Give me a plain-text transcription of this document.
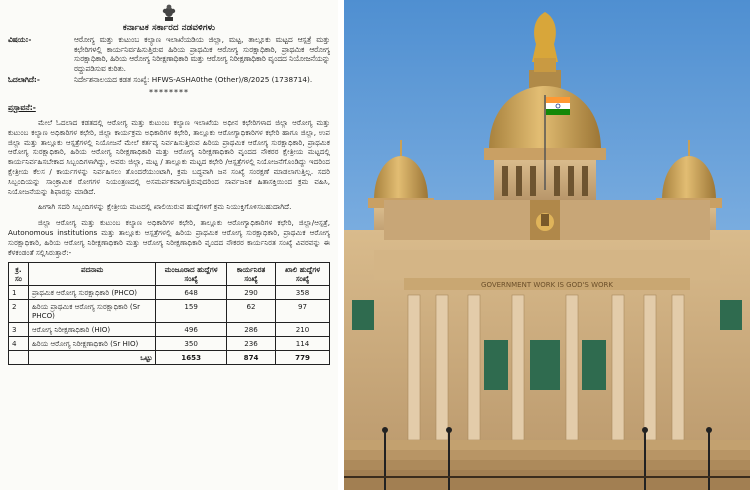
ಕರ್ನಾಟಕ ಸರ್ಕಾರದ ನಡವಳಿಗಳು
ವಿಷಯ:-	ಆರೋಗ್ಯ ಮತ್ತು ಕುಟುಂಬ ಕಲ್ಯಾಣ ಇಲಾಖೆಯಡಿಯ ಜಿಲ್ಲಾ, ಮಟ್ಟ, ತಾಲ್ಲೂಕು ಮಟ್ಟದ ಆಸ್ಪತ್ರೆ ಮತ್ತು ಕಛೇರಿಗಳಲ್ಲಿ ಕಾರ್ಯನಿರ್ವಹಿಸುತ್ತಿರುವ ಹಿರಿಯ ಪ್ರಾಥಮಿಕ ಆರೋಗ್ಯ ಸುರಕ್ಷಾಧಿಕಾರಿ, ಪ್ರಾಥಮಿಕ ಆರೋಗ್ಯ ಸುರಕ್ಷಾಧಿಕಾರಿ, ಹಿರಿಯ ಆರೋಗ್ಯ ನಿರೀಕ್ಷಣಾಧಿಕಾರಿ ಮತ್ತು ಆರೋಗ್ಯ ನಿರೀಕ್ಷಣಾಧಿಕಾರಿ ವೃಂದದ ನಿಯೋಜನೆಯನ್ನು ರದ್ದುಪಡಿಸುವ ಕುರಿತು.
ಓದಲಾಗಿದೆ:-	ನಿರ್ದೇಶನಾಲಯದ ಕಡತ ಸಂಖ್ಯೆ: HFWS-ASHA0the (Other)/8/2025 (1738714).
********
ಪ್ರಸ್ತಾವನೆ:-

ಮೇಲೆ ಓದಲಾದ ಕಡತದಲ್ಲಿ ಆರೋಗ್ಯ ಮತ್ತು ಕುಟುಂಬ ಕಲ್ಯಾಣ ಇಲಾಖೆಯ ಅಧೀನ ಕಛೇರಿಗಳಾದ ಜಿಲ್ಲಾ ಆರೋಗ್ಯ ಮತ್ತು ಕುಟುಂಬ ಕಲ್ಯಾಣ ಅಧಿಕಾರಿಗಳ ಕಛೇರಿ, ಜಿಲ್ಲಾ ಕಾರ್ಯಕ್ರಮ ಅಧಿಕಾರಿಗಳ ಕಛೇರಿ, ತಾಲ್ಲೂಕು ಆರೋಗ್ಯಾಧಿಕಾರಿಗಳ ಕಛೇರಿ ಹಾಗೂ ಜಿಲ್ಲಾ, ಉಪ ಜಿಲ್ಲಾ ಮತ್ತು ತಾಲ್ಲೂಕು ಆಸ್ಪತ್ರೆಗಳಲ್ಲಿ ನಿಯೋಜನೆ ಮೇಲೆ ಕರ್ತವ್ಯ ನಿರ್ವಹಿಸುತ್ತಿರುವ ಹಿರಿಯ ಪ್ರಾಥಮಿಕ ಆರೋಗ್ಯ ಸುರಕ್ಷಾಧಿಕಾರಿ, ಪ್ರಾಥಮಿಕ ಆರೋಗ್ಯ ಸುರಕ್ಷಾಧಿಕಾರಿ, ಹಿರಿಯ ಆರೋಗ್ಯ ನಿರೀಕ್ಷಣಾಧಿಕಾರಿ ಮತ್ತು ಆರೋಗ್ಯ ನಿರೀಕ್ಷಣಾಧಿಕಾರಿ ವೃಂದದ ನೌಕರರ ಕ್ಷೇತ್ರೀಯ ಮಟ್ಟದಲ್ಲಿ ಕಾರ್ಯನಿರ್ವಹಿಸಬೇಕಾದ ಸಿಬ್ಬಂದಿಗಳಾಗಿದ್ದು, ಅವರು ಜಿಲ್ಲಾ, ಮಟ್ಟ / ತಾಲ್ಲೂಕು ಮಟ್ಟದ ಕಛೇರಿ /ಆಸ್ಪತ್ರೆಗಳಲ್ಲಿ ನಿಯೋಜನೆಗೊಂಡಿದ್ದು ಇದರಿಂದ ಕ್ಷೇತ್ರೀಯ ಕೆಲಸ / ಕಾರ್ಯಗಳನ್ನು ನಿರ್ವಹಿಸಲು ತೊಂದರೆಯುಂಟಾಗಿ, ಕ್ರಮ ಬದ್ಧವಾಗಿ ಜನ ಸಂಖ್ಯೆ ಸಂರಕ್ಷಣೆ ಮಾಡಲಾಗುತ್ತಿಲ್ಲ. ಸದರಿ ಸಿಬ್ಬಂದಿಯನ್ನು ಸಾಂಕ್ರಾಮಿಕ ರೋಗಗಳ ನಿಯಂತ್ರಣದಲ್ಲಿ ಅಸಮರ್ಪಕವಾಗುತ್ತಿರುವುದರಿಂದ ಸಾರ್ವಜನಿಕ ಹಿತಾಸಕ್ತಿಯಿಂದ ಕ್ರಮ ವಹಿಸಿ, ನಿಯೋಜನೆಯನ್ನು ಶಿಫಾರಸ್ಸು ಮಾಡಿದೆ.

ಹೀಗಾಗಿ ಸದರಿ ಸಿಬ್ಬಂದಿಗಳನ್ನು ಕ್ಷೇತ್ರೀಯ ಮಟದಲ್ಲಿ ಖಾಲಿಯಿರುವ ಹುದ್ದೆಗಳಿಗೆ ಕ್ರಮ ನಿಯುಕ್ತಿಗೊಳಿಸಬಹುದಾಗಿದೆ.

ಜಿಲ್ಲಾ ಆರೋಗ್ಯ ಮತ್ತು ಕುಟುಂಬ ಕಲ್ಯಾಣ ಅಧಿಕಾರಿಗಳ ಕಛೇರಿ, ತಾಲ್ಲೂಕು ಆರೋಗ್ಯಾಧಿಕಾರಿಗಳ ಕಛೇರಿ, ಜಿಲ್ಲಾ/ಆಸ್ಪತ್ರೆ, Autonomous institutions ಮತ್ತು ತಾಲ್ಲೂಕು ಆಸ್ಪತ್ರೆಗಳಲ್ಲಿ ಹಿರಿಯ ಪ್ರಾಥಮಿಕ ಆರೋಗ್ಯ ಸುರಕ್ಷಾಧಿಕಾರಿ, ಪ್ರಾಥಮಿಕ ಆರೋಗ್ಯ ಸುರಕ್ಷಾಧಿಕಾರಿ, ಹಿರಿಯ ಆರೋಗ್ಯ ನಿರೀಕ್ಷಣಾಧಿಕಾರಿ ಮತ್ತು ಆರೋಗ್ಯ ನಿರೀಕ್ಷಣಾಧಿಕಾರಿ ವೃಂದದ ನೌಕರರ ಕಾರ್ಯನಿರತ ಸಂಖ್ಯೆ ವಿವರವನ್ನು ಈ ಕೆಳಕಂಡಂತೆ ಸಲ್ಲಿಸಿರುತ್ತಾರೆ:-

ಕ್ರ. ಸಂ	ಪದನಾಮ	ಮಂಜೂರಾದ ಹುದ್ದೆಗಳ ಸಂಖ್ಯೆ	ಕಾರ್ಯನಿರತ ಸಂಖ್ಯೆ	ಖಾಲಿ ಹುದ್ದೆಗಳ ಸಂಖ್ಯೆ
1	ಪ್ರಾಥಮಿಕ ಆರೋಗ್ಯ ಸುರಕ್ಷಾಧಿಕಾರಿ (PHCO)	648	290	358
2	ಹಿರಿಯ ಪ್ರಾಥಮಿಕ ಆರೋಗ್ಯ ಸುರಕ್ಷಾಧಿಕಾರಿ (Sr PHCO)	159	62	97
3	ಆರೋಗ್ಯ ನಿರೀಕ್ಷಣಾಧಿಕಾರಿ (HIO)	496	286	210
4	ಹಿರಿಯ ಆರೋಗ್ಯ ನಿರೀಕ್ಷಣಾಧಿಕಾರಿ (Sr HIO)	350	236	114
	ಒಟ್ಟು	1653	874	779
GOVERNMENT WORK IS GOD'S WORK
